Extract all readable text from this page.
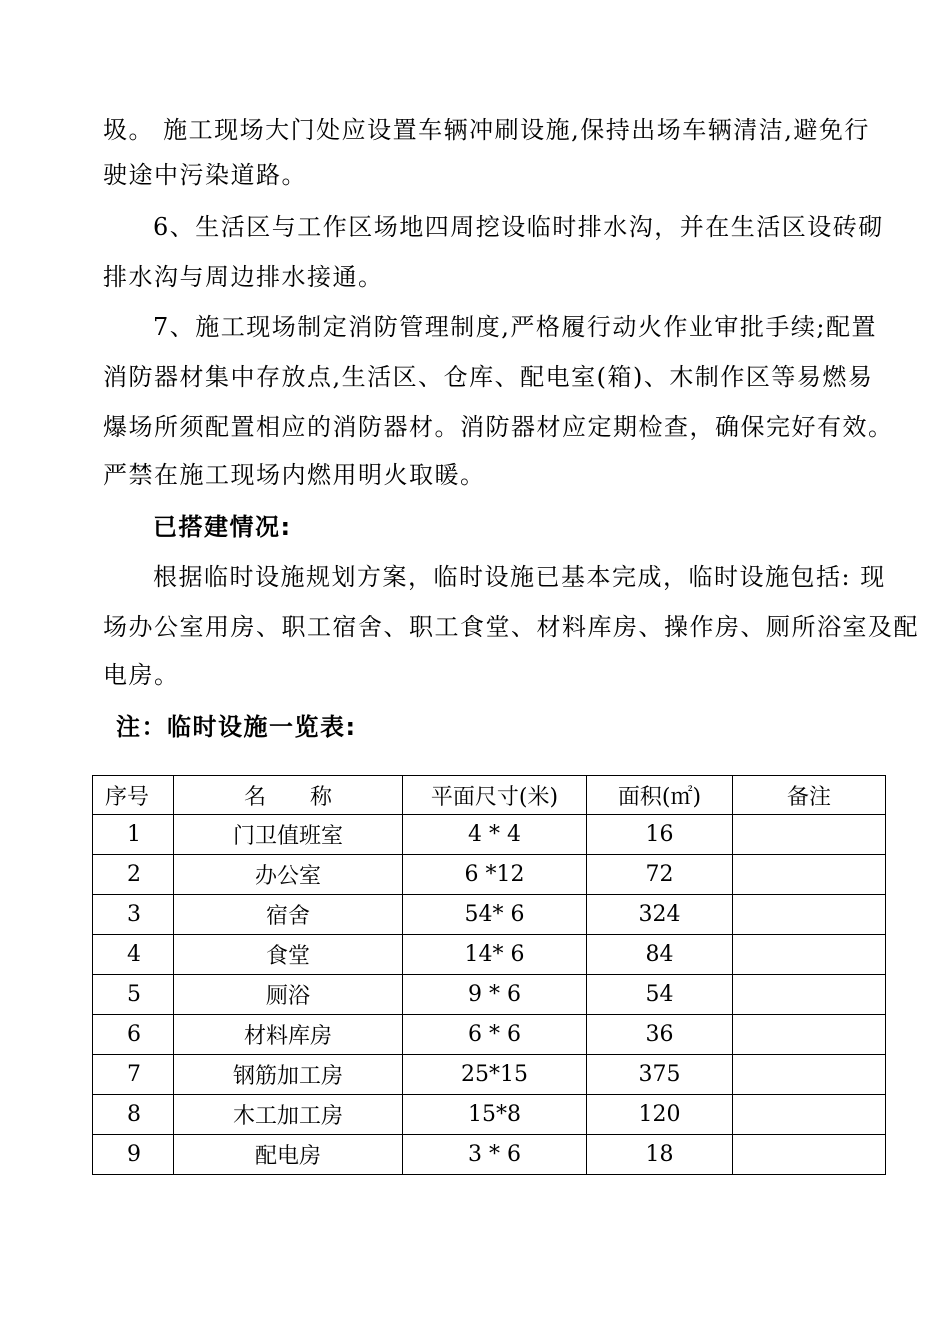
圾。 施工现场大门处应设置车辆冲刷设施,保持出场车辆清洁,避免行
驶途中污染道路。
6、生活区与工作区场地四周挖设临时排水沟，并在生活区设砖砌
排水沟与周边排水接通。
7、施工现场制定消防管理制度,严格履行动火作业审批手续;配置
消防器材集中存放点,生活区、仓库、配电室(箱)、木制作区等易燃易
爆场所须配置相应的消防器材。消防器材应定期检查，确保完好有效。
严禁在施工现场内燃用明火取暖。
已搭建情况:
根据临时设施规划方案，临时设施已基本完成，临时设施包括: 现
场办公室用房、职工宿舍、职工食堂、材料库房、操作房、厕所浴室及配
电房。
注：临时设施一览表:
序号	名　　称	平面尺寸(米)	面积(㎡)	备注
1	门卫值班室	4 * 4	16	
2	办公室	6 *12	72	
3	宿舍	54* 6	324	
4	食堂	14* 6	84	
5	厕浴	9 * 6	54	
6	材料库房	6 * 6	36	
7	钢筋加工房	25*15	375	
8	木工加工房	15*8	120	
9	配电房	3 * 6	18	
